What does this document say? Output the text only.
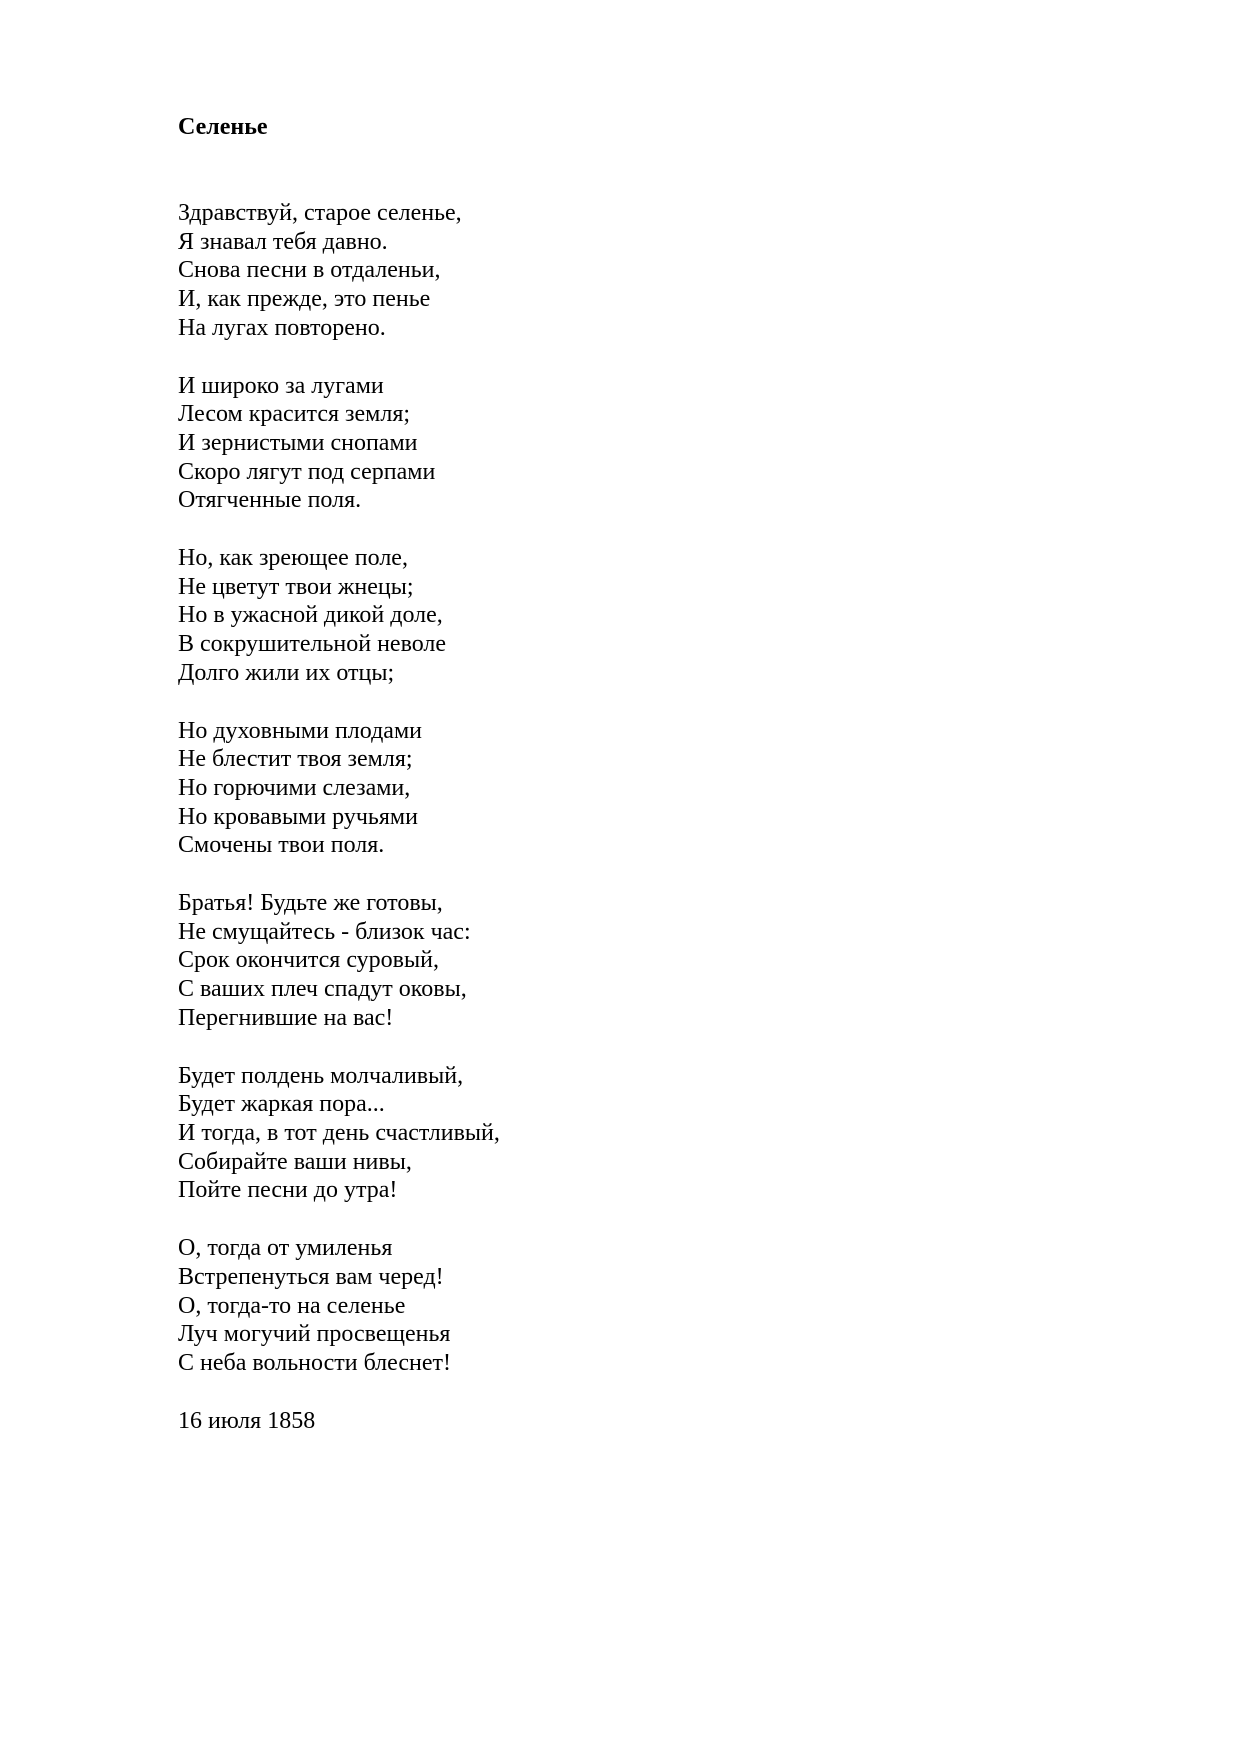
Селенье
Здравствуй, старое селенье,
Я знавал тебя давно.
Снова песни в отдаленьи,
И, как прежде, это пенье
На лугах повторено.
И широко за лугами
Лесом красится земля;
И зернистыми снопами
Скоро лягут под серпами
Отягченные поля.
Но, как зреющее поле,
Не цветут твои жнецы;
Но в ужасной дикой доле,
В сокрушительной неволе
Долго жили их отцы;
Но духовными плодами
Не блестит твоя земля;
Но горючими слезами,
Но кровавыми ручьями
Смочены твои поля.
Братья! Будьте же готовы,
Не смущайтесь - близок час:
Срок окончится суровый,
С ваших плеч спадут оковы,
Перегнившие на вас!
Будет полдень молчаливый,
Будет жаркая пора...
И тогда, в тот день счастливый,
Собирайте ваши нивы,
Пойте песни до утра!
О, тогда от умиленья
Встрепенуться вам черед!
О, тогда-то на селенье
Луч могучий просвещенья
С неба вольности блеснет!
16 июля 1858
